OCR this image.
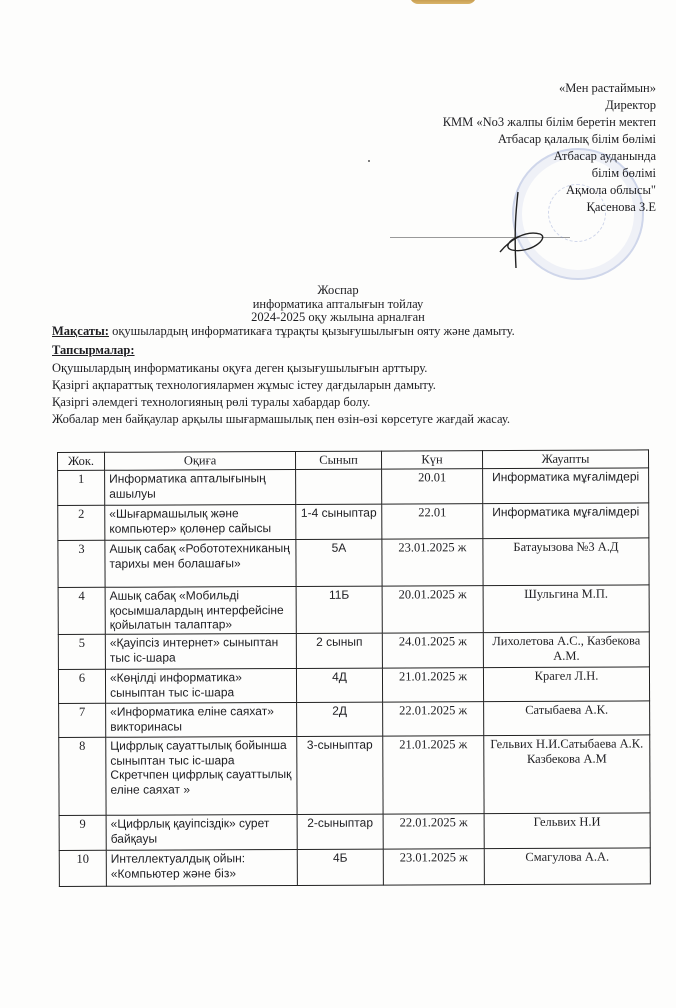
«Мен растаймын»
Директор
КММ «No3 жалпы білім беретін мектеп
Атбасар қалалық білім бөлімі
Атбасар ауданында
білім бөлімі
Ақмола облысы"
Қасенова З.Е
Жоспар
информатика апталығын тойлау
2024-2025 оқу жылына арналған
Мақсаты: оқушылардың информатикаға тұрақты қызығушылығын ояту және дамыту.
Тапсырмалар:
Оқушылардың информатиканы оқуға деген қызығушылығын арттыру.
Қазіргі ақпараттық технологиялармен жұмыс істеу дағдыларын дамыту.
Қазіргі әлемдегі технологияның рөлі туралы хабардар болу.
Жобалар мен байқаулар арқылы шығармашылық пен өзін-өзі көрсетуге жағдай жасау.
Жок.	Оқиға	Сынып	Күн	Жауапты
1	Информатика апталығының ашылуы		20.01	Информатика мұғалімдері
2	«Шығармашылық және компьютер» қолөнер сайысы	1-4 сыныптар	22.01	Информатика мұғалімдері
3	Ашық сабақ «Робототехниканың тарихы мен болашағы»	5А	23.01.2025 ж	Батауызова №3 А.Д
4	Ашық сабақ «Мобильді қосымшалардың интерфейсіне қойылатын талаптар»	11Б	20.01.2025 ж	Шульгина М.П.
5	«Қауіпсіз интернет» сыныптан тыс іс-шара	2 сынып	24.01.2025 ж	Лихолетова А.С., Казбекова А.М.
6	«Көңілді информатика» сыныптан тыс іс-шара	4Д	21.01.2025 ж	Крагел Л.Н.
7	«Информатика еліне саяхат» викторинасы	2Д	22.01.2025 ж	Сатыбаева А.К.
8	Цифрлық сауаттылық бойынша сыныптан тыс іс-шара Скретчпен цифрлық сауаттылық еліне саяхат »	3-сыныптар	21.01.2025 ж	Гельвих Н.И.Сатыбаева А.К. Казбекова А.М
9	«Цифрлық қауіпсіздік» сурет байқауы	2-сыныптар	22.01.2025 ж	Гельвих Н.И
10	Интеллектуалдық ойын: «Компьютер және біз»	4Б	23.01.2025 ж	Смагулова А.А.
